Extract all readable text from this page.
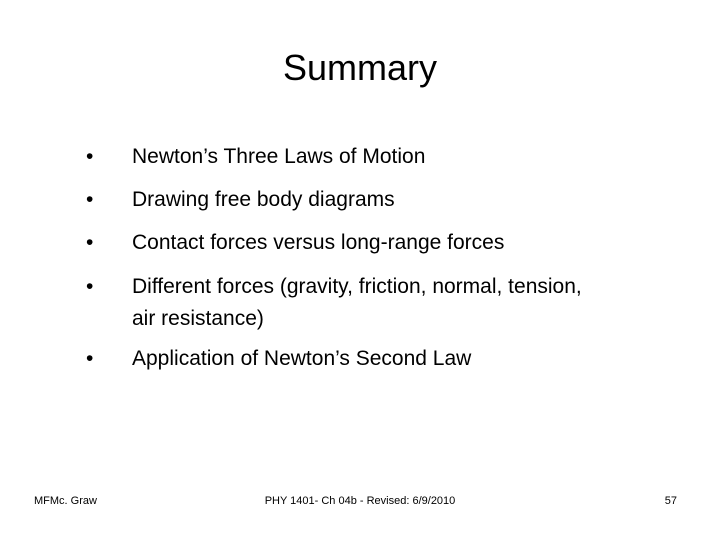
Summary
• Newton’s Three Laws of Motion
• Drawing free body diagrams
• Contact forces versus long-range forces
• Different forces (gravity, friction, normal, tension,
air resistance)
• Application of Newton’s Second Law
MFMc. Graw	PHY 1401- Ch 04b - Revised: 6/9/2010	57
